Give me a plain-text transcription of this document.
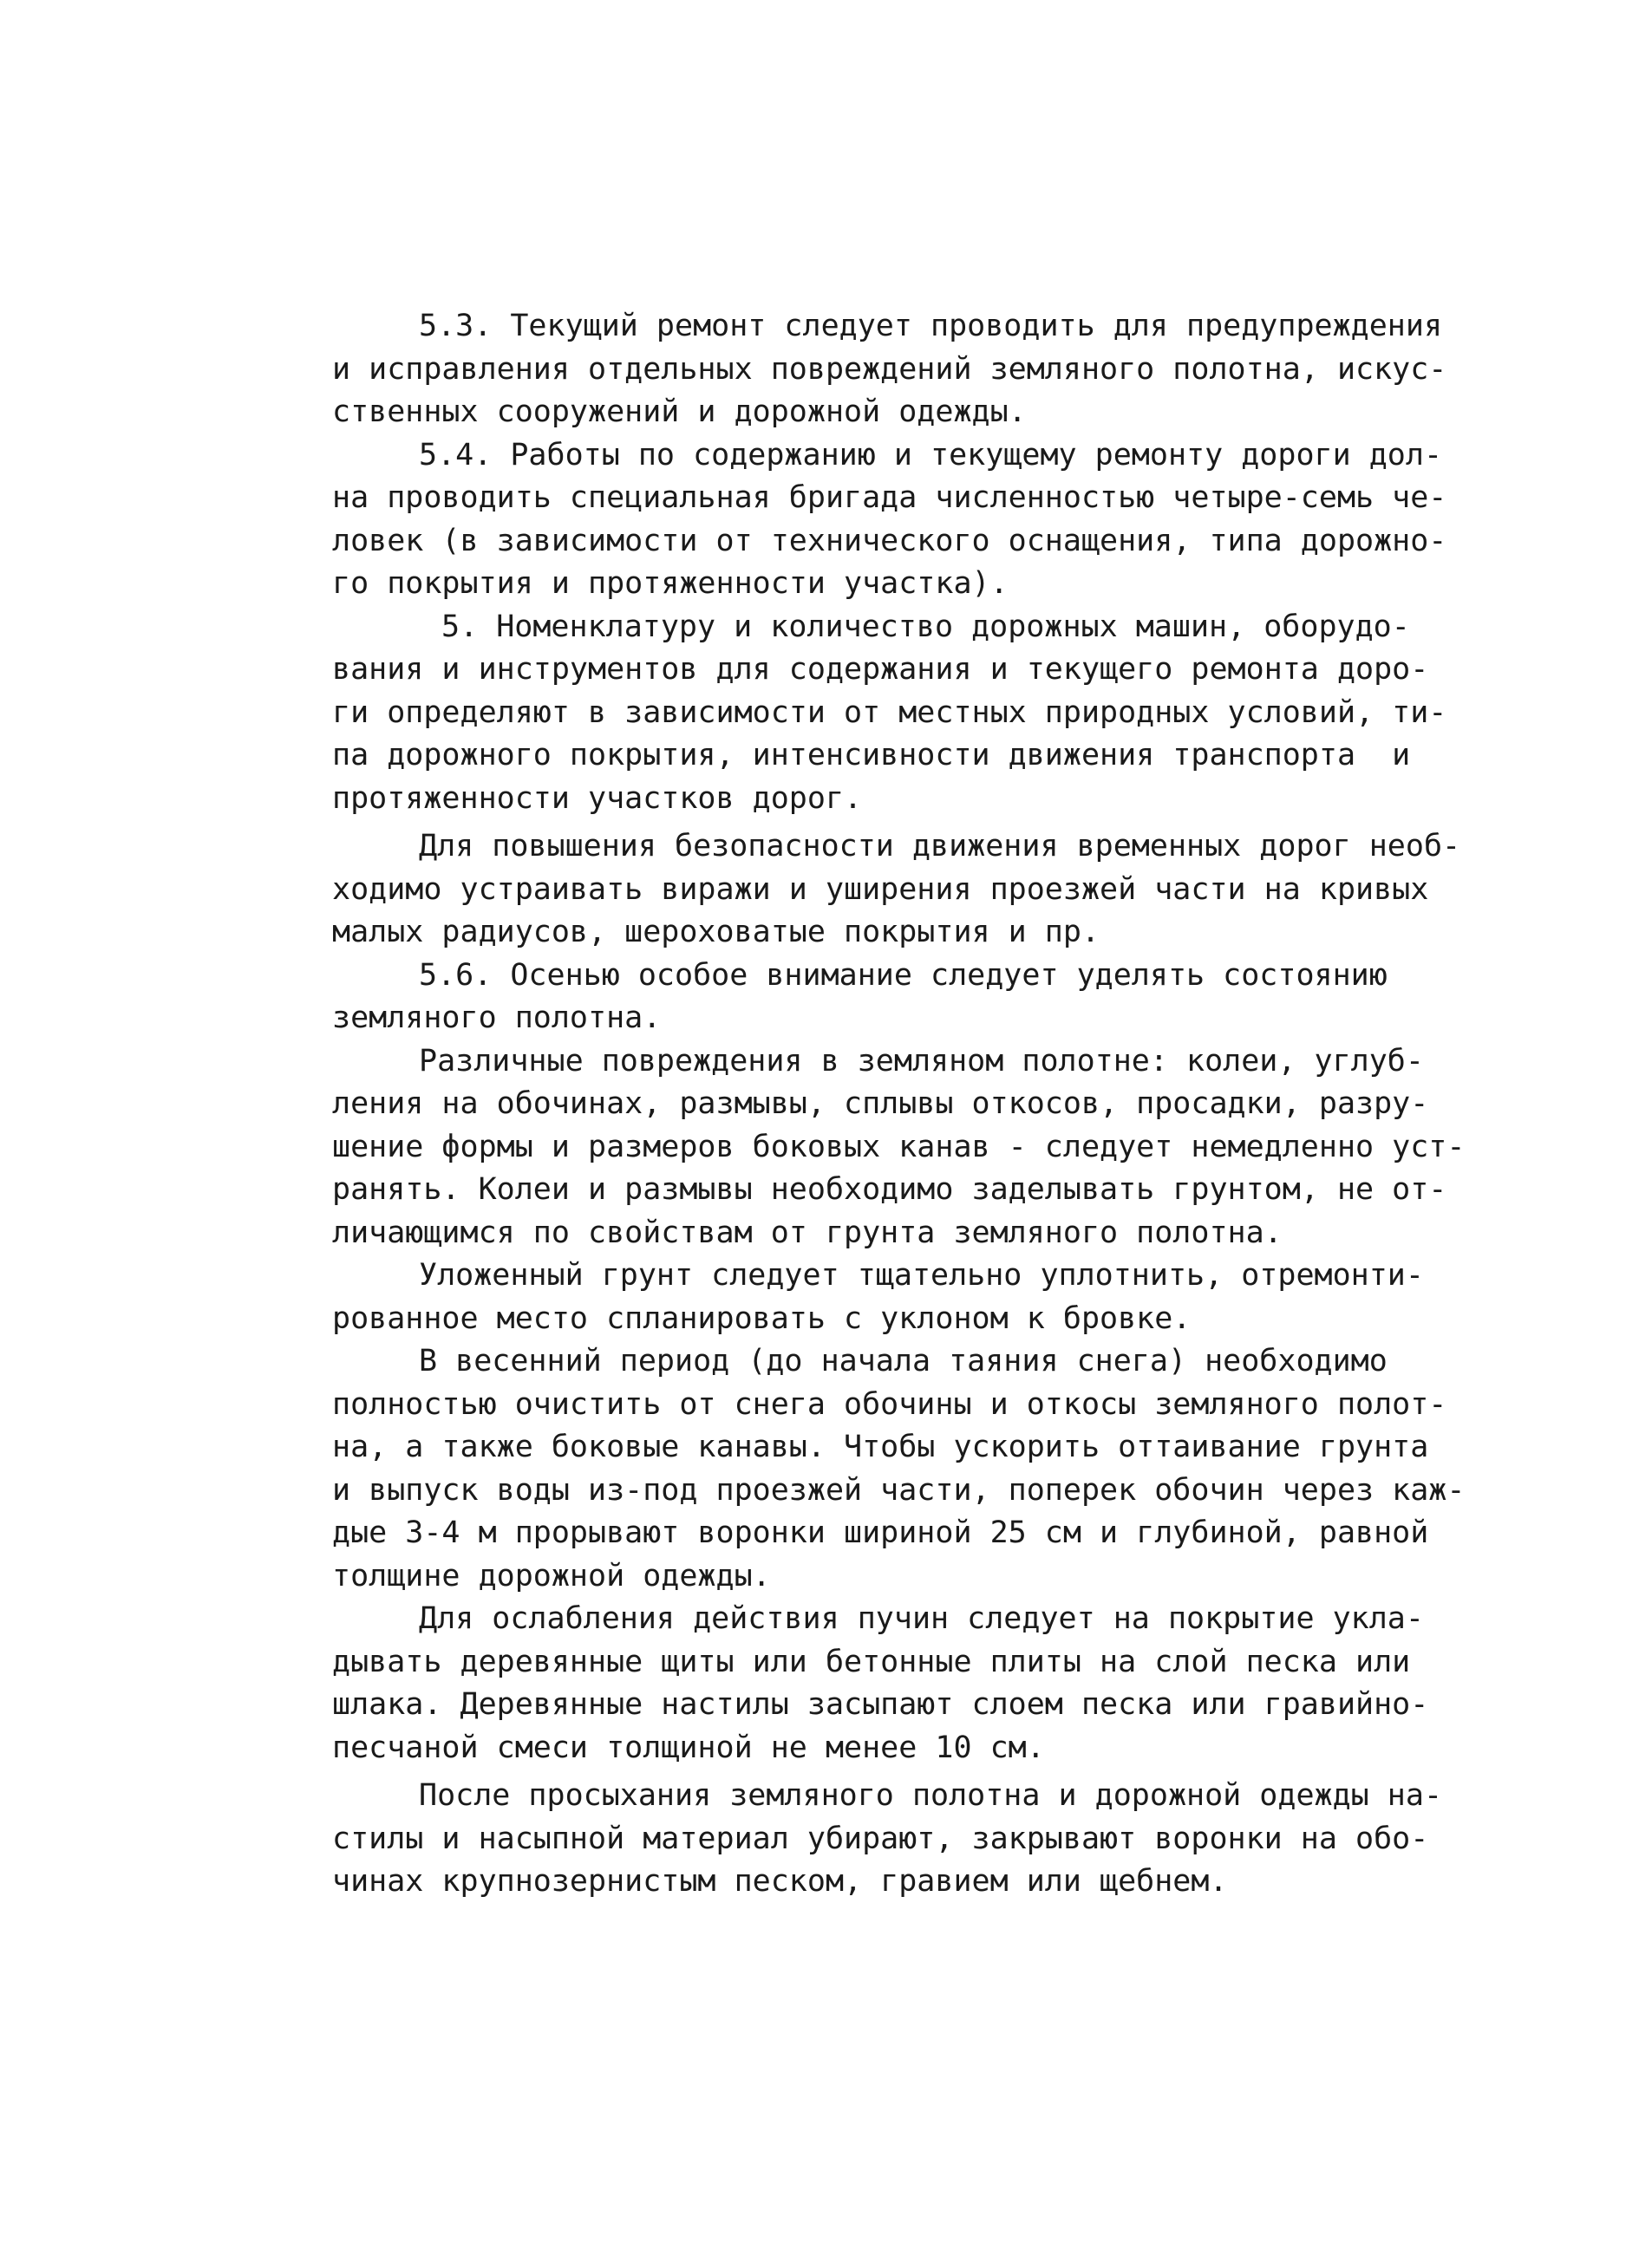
5.3. Текущий ремонт следует проводить для предупреждения
и исправления отдельных повреждений земляного полотна, искус-
ственных сооружений и дорожной одежды.
5.4. Работы по содержанию и текущему ремонту дороги дол-
на проводить специальная бригада численностью четыре-семь че-
ловек (в зависимости от технического оснащения, типа дорожно-
го покрытия и протяженности участка).
5. Номенклатуру и количество дорожных машин, оборудо-
вания и инструментов для содержания и текущего ремонта доро-
ги определяют в зависимости от местных природных условий, ти-
па дорожного покрытия, интенсивности движения транспорта  и
протяженности участков дорог.
Для повышения безопасности движения временных дорог необ-
ходимо устраивать виражи и уширения проезжей части на кривых
малых радиусов, шероховатые покрытия и пр.
5.6. Осенью особое внимание следует уделять состоянию
земляного полотна.
Различные повреждения в земляном полотне: колеи, углуб-
ления на обочинах, размывы, сплывы откосов, просадки, разру-
шение формы и размеров боковых канав - следует немедленно уст-
ранять. Колеи и размывы необходимо заделывать грунтом, не от-
личающимся по свойствам от грунта земляного полотна.
Уложенный грунт следует тщательно уплотнить, отремонти-
рованное место спланировать с уклоном к бровке.
В весенний период (до начала таяния снега) необходимо
полностью очистить от снега обочины и откосы земляного полот-
на, а также боковые канавы. Чтобы ускорить оттаивание грунта
и выпуск воды из-под проезжей части, поперек обочин через каж-
дые 3-4 м прорывают воронки шириной 25 см и глубиной, равной
толщине дорожной одежды.
Для ослабления действия пучин следует на покрытие укла-
дывать деревянные щиты или бетонные плиты на слой песка или
шлака. Деревянные настилы засыпают слоем песка или гравийно-
песчаной смеси толщиной не менее 10 см.
После просыхания земляного полотна и дорожной одежды на-
стилы и насыпной материал убирают, закрывают воронки на обо-
чинах крупнозернистым песком, гравием или щебнем.
